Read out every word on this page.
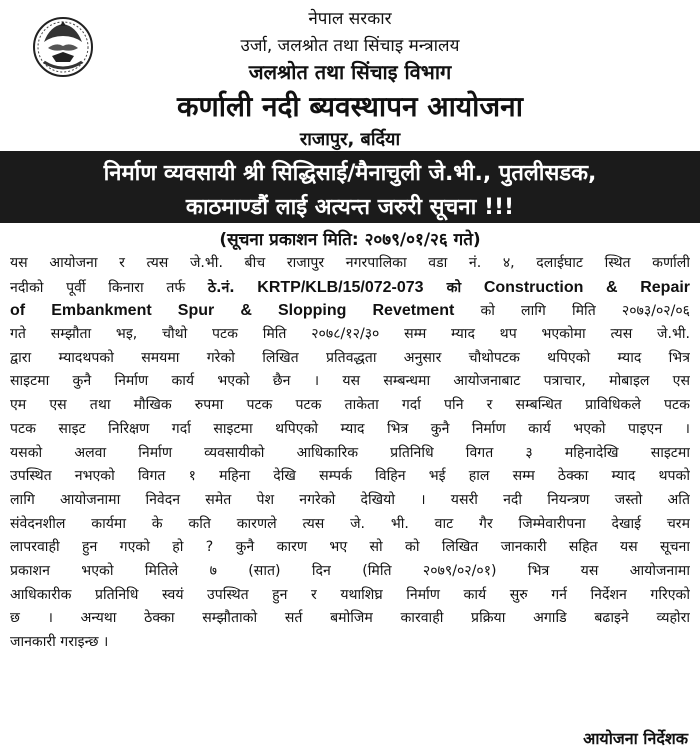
नेपाल सरकार
उर्जा, जलश्रोत तथा सिंचाइ मन्त्रालय
जलश्रोत तथा सिंचाइ विभाग
कर्णाली नदी ब्यवस्थापन आयोजना
राजापुर, बर्दिया
निर्माण व्यवसायी श्री सिद्धिसाई/मैनाचुली जे.भी., पुतलीसडक,
काठमाण्डौं लाई अत्यन्त जरुरी सूचना !!!
(सूचना प्रकाशन मिति: २०७९/०१/२६ गते)
यस आयोजना र त्यस जे.भी. बीच राजापुर नगरपालिका वडा नं. ४, दलाईघाट स्थित कर्णाली
नदीको पूर्वी किनारा तर्फ ठे.नं. KRTP/KLB/15/072-073 को Construction & Repair
of Embankment Spur & Slopping Revetment को लागि मिति २०७३/०२/०६
गते सम्झौता भइ, चौथो पटक मिति २०७८/१२/३० सम्म म्याद थप भएकोमा त्यस जे.भी.
द्वारा म्यादथपको समयमा गरेको लिखित प्रतिवद्धता अनुसार चौथोपटक थपिएको म्याद भित्र
साइटमा कुनै निर्माण कार्य भएको छैन । यस सम्बन्धमा आयोजनाबाट पत्राचार, मोबाइल एस
एम एस तथा मौखिक रुपमा पटक पटक ताकेता गर्दा पनि र सम्बन्धित प्राविधिकले पटक
पटक साइट निरिक्षण गर्दा साइटमा थपिएको म्याद भित्र कुनै निर्माण कार्य भएको पाइएन ।
यसको अलवा निर्माण व्यवसायीको आधिकारिक प्रतिनिधि विगत ३ महिनादेखि साइटमा
उपस्थित नभएको विगत १ महिना देखि सम्पर्क विहिन भई हाल सम्म ठेक्का म्याद थपको
लागि आयोजनामा निवेदन समेत पेश नगरेको देखियो । यसरी नदी नियन्त्रण जस्तो अति
संवेदनशील कार्यमा के कति कारणले त्यस जे. भी. वाट गैर जिम्मेवारीपना देखाई चरम
लापरवाही हुन गएको हो ? कुनै कारण भए सो को लिखित जानकारी सहित यस सूचना
प्रकाशन भएको मितिले ७ (सात) दिन (मिति २०७९/०२/०१) भित्र यस आयोजनामा
आधिकारीक प्रतिनिधि स्वयं उपस्थित हुन र यथाशिघ्र निर्माण कार्य सुरु गर्न निर्देशन गरिएको
छ । अन्यथा ठेक्का सम्झौताको सर्त बमोजिम कारवाही प्रक्रिया अगाडि बढाइने व्यहोरा
जानकारी गराइन्छ ।
आयोजना निर्देशक
